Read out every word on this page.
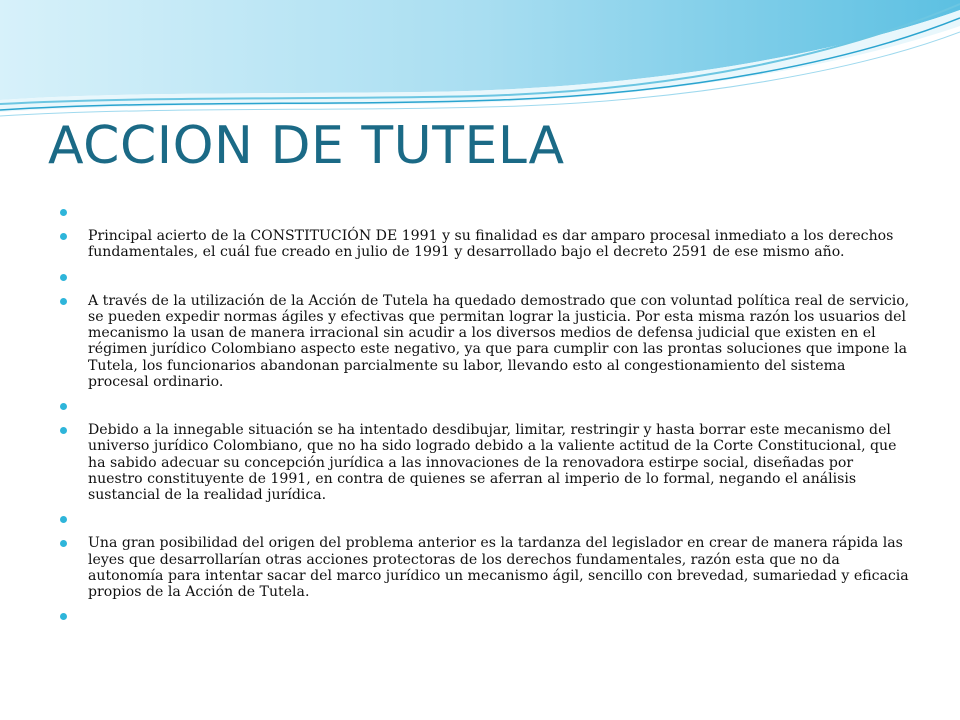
ACCION DE TUTELA
Principal acierto de la CONSTITUCIÓN DE 1991 y su finalidad es dar amparo procesal inmediato a los derechos fundamentales, el cuál fue creado en julio de 1991 y desarrollado bajo el decreto 2591 de ese mismo año.
A través de la utilización de la Acción de Tutela ha quedado demostrado que con voluntad política real de servicio, se pueden expedir normas ágiles y efectivas que permitan lograr la justicia. Por esta misma razón los usuarios del mecanismo la usan de manera irracional sin acudir a los diversos medios de defensa judicial que existen en el régimen jurídico Colombiano aspecto este negativo, ya que para cumplir con las prontas soluciones que impone la Tutela, los funcionarios abandonan parcialmente su labor, llevando esto al congestionamiento del sistema procesal ordinario.
Debido a la innegable situación se ha intentado desdibujar, limitar, restringir y hasta borrar este mecanismo del universo jurídico Colombiano, que no ha sido logrado debido a la valiente actitud de la Corte Constitucional, que ha sabido adecuar su concepción jurídica a las innovaciones de la renovadora estirpe social, diseñadas por nuestro constituyente de 1991, en contra de quienes se aferran al imperio de lo formal, negando el análisis sustancial de la realidad jurídica.
Una gran posibilidad del origen del problema anterior es la tardanza del legislador en crear de manera rápida las leyes que desarrollarían otras acciones protectoras de los derechos fundamentales, razón esta que no da autonomía para intentar sacar del marco jurídico un mecanismo ágil, sencillo con brevedad, sumariedad y eficacia propios de la Acción de Tutela.
